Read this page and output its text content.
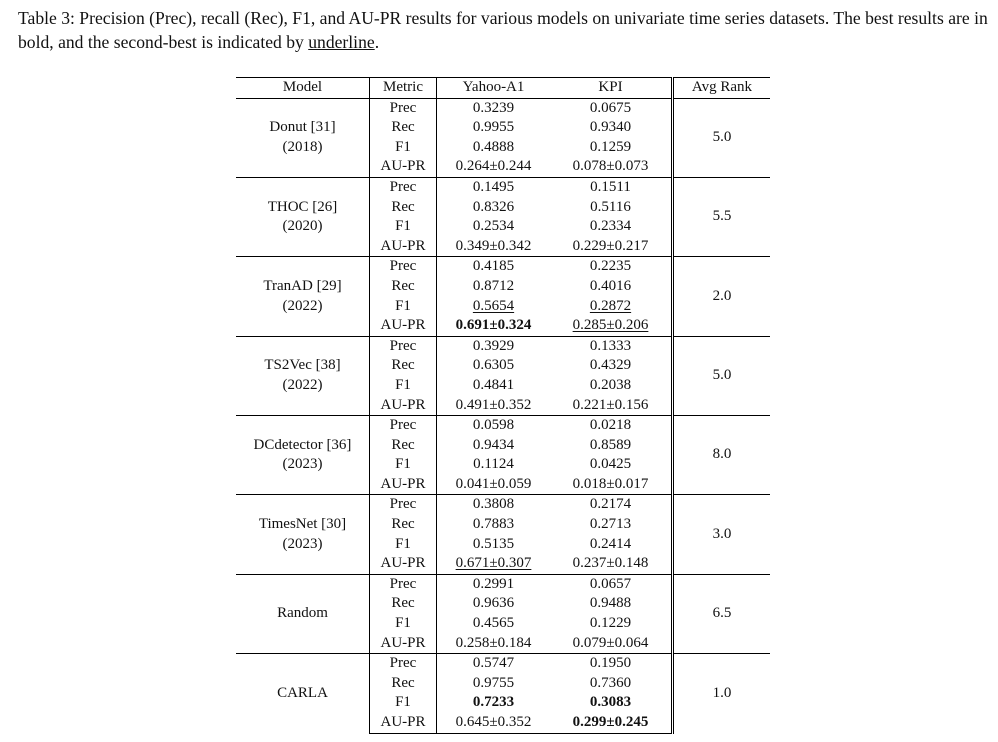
Table 3: Precision (Prec), recall (Rec), F1, and AU-PR results for various models on univariate time series datasets. The best results are in bold, and the second-best is indicated by underline.
Model	Metric	Yahoo-A1	KPI	Avg Rank

Donut [31]
(2018)	Prec	0.3239	0.0675	5.0
	Rec	0.9955	0.9340	
	F1	0.4888	0.1259	
	AU-PR	0.264±0.244	0.078±0.073	

THOC [26]
(2020)	Prec	0.1495	0.1511	5.5
	Rec	0.8326	0.5116	
	F1	0.2534	0.2334	
	AU-PR	0.349±0.342	0.229±0.217	

TranAD [29]
(2022)	Prec	0.4185	0.2235	2.0
	Rec	0.8712	0.4016	
	F1	0.5654	0.2872	
	AU-PR	0.691±0.324	0.285±0.206	

TS2Vec [38]
(2022)	Prec	0.3929	0.1333	5.0
	Rec	0.6305	0.4329	
	F1	0.4841	0.2038	
	AU-PR	0.491±0.352	0.221±0.156	

DCdetector [36]
(2023)	Prec	0.0598	0.0218	8.0
	Rec	0.9434	0.8589	
	F1	0.1124	0.0425	
	AU-PR	0.041±0.059	0.018±0.017	

TimesNet [30]
(2023)	Prec	0.3808	0.2174	3.0
	Rec	0.7883	0.2713	
	F1	0.5135	0.2414	
	AU-PR	0.671±0.307	0.237±0.148	

Random	Prec	0.2991	0.0657	6.5
	Rec	0.9636	0.9488	
	F1	0.4565	0.1229	
	AU-PR	0.258±0.184	0.079±0.064	

CARLA	Prec	0.5747	0.1950	1.0
	Rec	0.9755	0.7360	
	F1	0.7233	0.3083	
	AU-PR	0.645±0.352	0.299±0.245	
